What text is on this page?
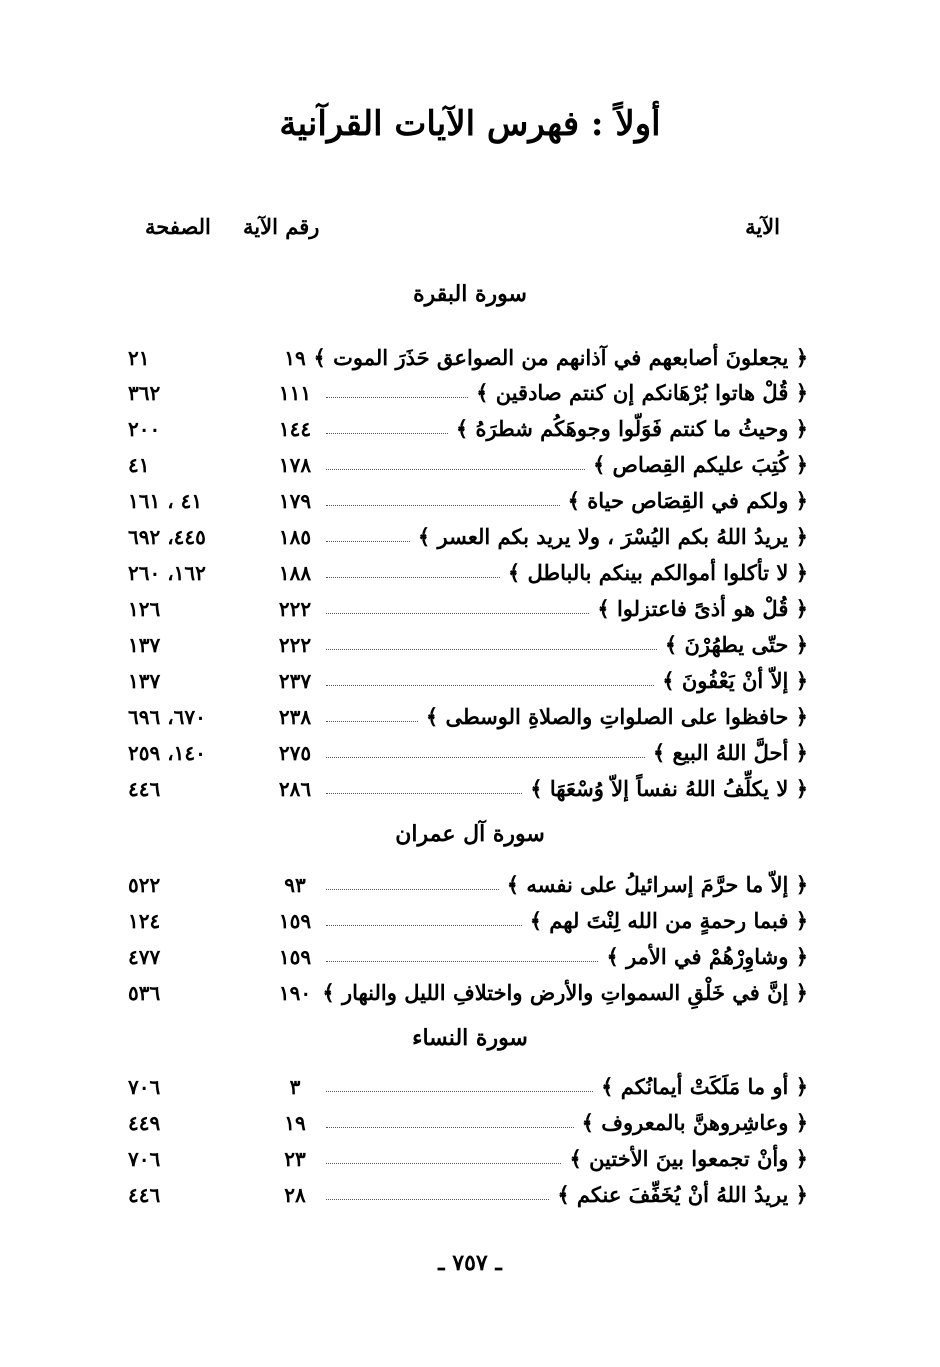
أولاً : فهرس الآيات القرآنية
الآية
رقم الآية
الصفحة
سورة البقرة
﴿ يجعلونَ أصابعهم في آذانهم من الصواعق حَذَرَ الموت ﴾
١٩
٢١
﴿ قُلْ هاتوا بُرْهَانكم إن كنتم صادقين ﴾
١١١
٣٦٢
﴿ وحيثُ ما كنتم فَوَلّوا وجوهَكُم شطرَهُ ﴾
١٤٤
٢٠٠
﴿ كُتِبَ عليكم القِصاص ﴾
١٧٨
٤١
﴿ ولكم في القِصَاص حياة ﴾
١٧٩
٤١ ، ١٦١
﴿ يريدُ اللهُ بكم اليُسْرَ ، ولا يريد بكم العسر ﴾
١٨٥
٤٤٥، ٦٩٢
﴿ لا تأكلوا أموالكم بينكم بالباطل ﴾
١٨٨
١٦٢، ٢٦٠
﴿ قُلْ هو أذىً فاعتزلوا ﴾
٢٢٢
١٢٦
﴿ حتّى يطهُرْنَ ﴾
٢٢٢
١٣٧
﴿ إلاّ أنْ يَعْفُونَ ﴾
٢٣٧
١٣٧
﴿ حافظوا على الصلواتِ والصلاةِ الوسطى ﴾
٢٣٨
٦٧٠، ٦٩٦
﴿ أحلَّ اللهُ البيع ﴾
٢٧٥
١٤٠، ٢٥٩
﴿ لا يكلِّفُ اللهُ نفساً إلاّ وُسْعَهَا ﴾
٢٨٦
٤٤٦
سورة آل عمران
﴿ إلاّ ما حرَّمَ إسرائيلُ على نفسه ﴾
٩٣
٥٢٢
﴿ فبما رحمةٍ من الله لِنْتَ لهم ﴾
١٥٩
١٢٤
﴿ وشاوِرْهُمْ في الأمر ﴾
١٥٩
٤٧٧
﴿ إنَّ في خَلْقِ السمواتِ والأرض واختلافِ الليل والنهار ﴾
١٩٠
٥٣٦
سورة النساء
﴿ أو ما مَلَكَتْ أيمانُكم ﴾
٣
٧٠٦
﴿ وعاشِروهنَّ بالمعروف ﴾
١٩
٤٤٩
﴿ وأنْ تجمعوا بينَ الأختين ﴾
٢٣
٧٠٦
﴿ يريدُ اللهُ أنْ يُخَفِّفَ عنكم ﴾
٢٨
٤٤٦
ـ ٧٥٧ ـ
